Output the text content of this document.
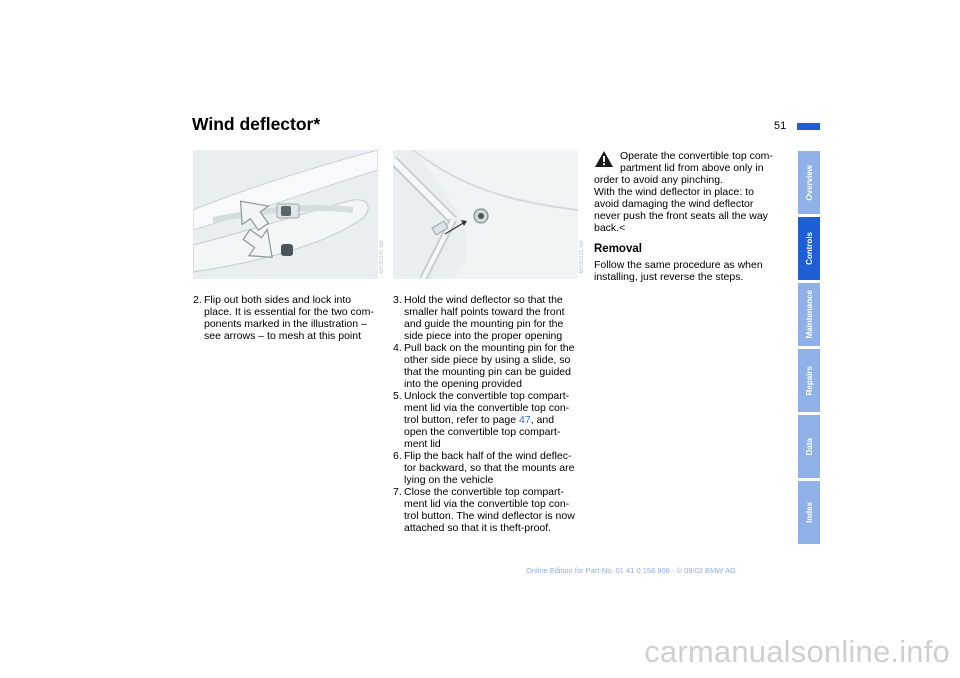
Wind deflector*	51
MV05114C MA	MV05115C MA
2. Flip out both sides and lock into
place. It is essential for the two com-
ponents marked in the illustration –
see arrows – to mesh at this point
3. Hold the wind deflector so that the
smaller half points toward the front
and guide the mounting pin for the
side piece into the proper opening
4. Pull back on the mounting pin for the
other side piece by using a slide, so
that the mounting pin can be guided
into the opening provided
5. Unlock the convertible top compart-
ment lid via the convertible top con-
trol button, refer to page 47, and
open the convertible top compart-
ment lid
6. Flip the back half of the wind deflec-
tor backward, so that the mounts are
lying on the vehicle
7. Close the convertible top compart-
ment lid via the convertible top con-
trol button. The wind deflector is now
attached so that it is theft-proof.
Operate the convertible top com-
partment lid from above only in
order to avoid any pinching.
With the wind deflector in place: to
avoid damaging the wind deflector
never push the front seats all the way
back.<
Removal
Follow the same procedure as when
installing, just reverse the steps.
Overview
Controls
Maintenance
Repairs
Data
Index
Online Edition for Part-No. 01 41 0 156 806 - © 09/02 BMW AG
carmanualsonline.info
